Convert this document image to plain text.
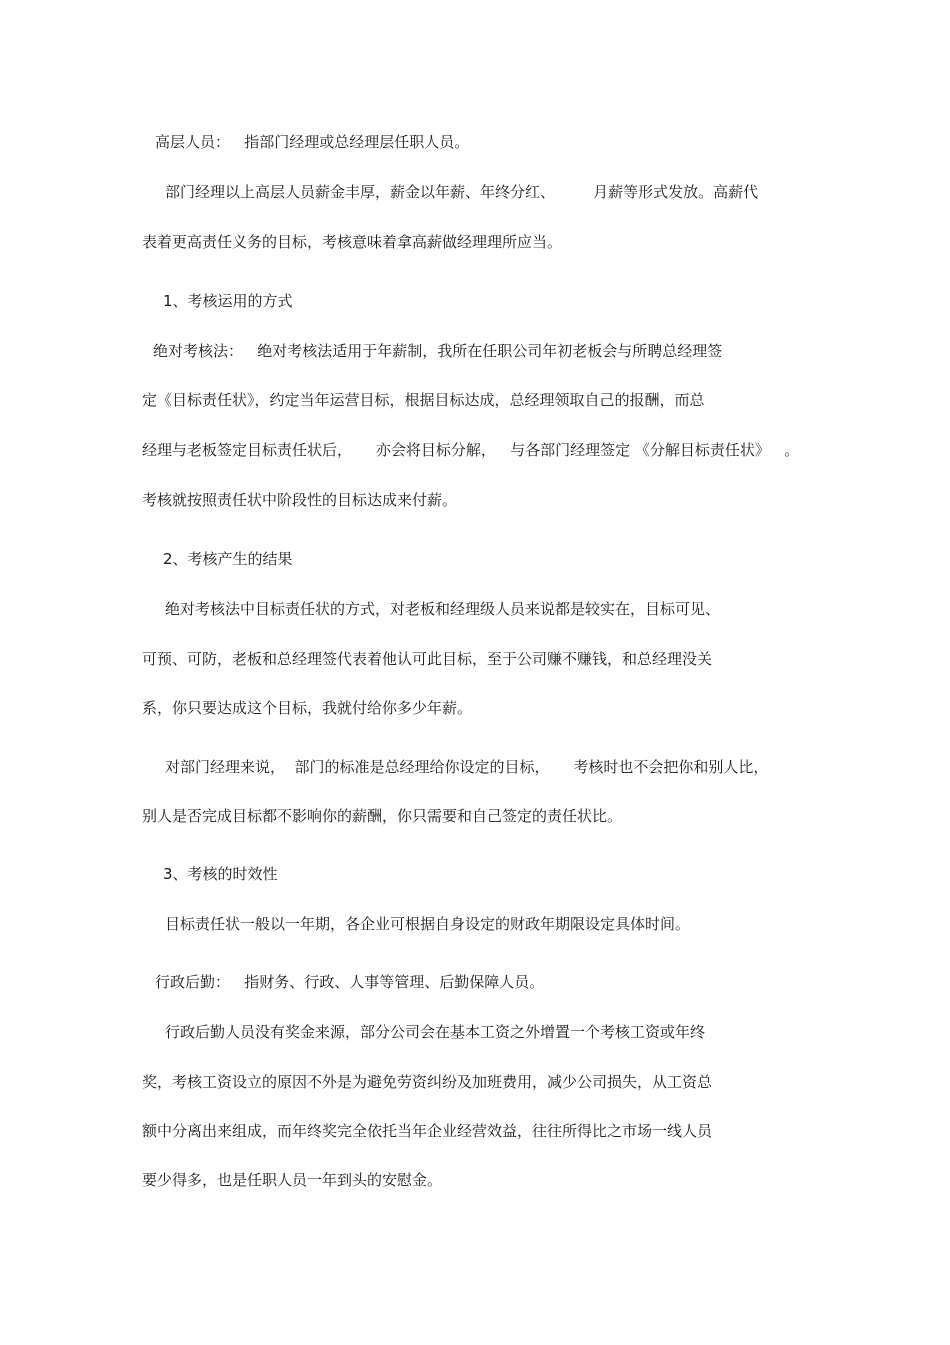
高层人员：   指部门经理或总经理层任职人员。
部门经理以上高层人员薪金丰厚，薪金以年薪、年终分红、        月薪等形式发放。高薪代
表着更高责任义务的目标，考核意味着拿高薪做经理理所应当。
1、考核运用的方式
绝对考核法：   绝对考核法适用于年薪制，我所在任职公司年初老板会与所聘总经理签
定《目标责任状》，约定当年运营目标，根据目标达成，总经理领取自己的报酬，而总
经理与老板签定目标责任状后，     亦会将目标分解，   与各部门经理签定 《分解目标责任状》   。
考核就按照责任状中阶段性的目标达成来付薪。
2、考核产生的结果
绝对考核法中目标责任状的方式，对老板和经理级人员来说都是较实在，目标可见、
可预、可防，老板和总经理签代表着他认可此目标，至于公司赚不赚钱，和总经理没关
系，你只要达成这个目标，我就付给你多少年薪。
对部门经理来说，  部门的标准是总经理给你设定的目标，     考核时也不会把你和别人比，
别人是否完成目标都不影响你的薪酬，你只需要和自己签定的责任状比。
3、考核的时效性
目标责任状一般以一年期，各企业可根据自身设定的财政年期限设定具体时间。
行政后勤：   指财务、行政、人事等管理、后勤保障人员。
行政后勤人员没有奖金来源，部分公司会在基本工资之外增置一个考核工资或年终
奖，考核工资设立的原因不外是为避免劳资纠纷及加班费用，减少公司损失，从工资总
额中分离出来组成，而年终奖完全依托当年企业经营效益，往往所得比之市场一线人员
要少得多，也是任职人员一年到头的安慰金。
